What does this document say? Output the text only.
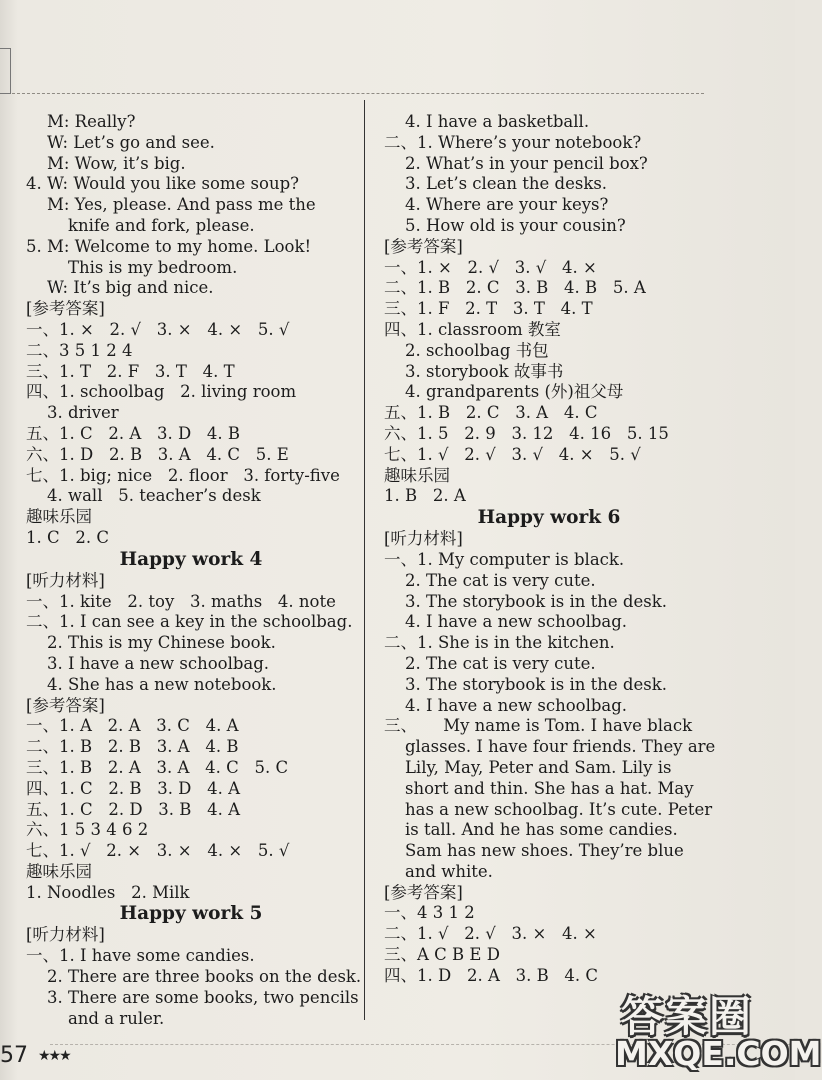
M: Really?
W: Let’s go and see.
M: Wow, it’s big.
4. W: Would you like some soup?
M: Yes, please. And pass me the
knife and fork, please.
5. M: Welcome to my home. Look!
This is my bedroom.
W: It’s big and nice.
[参考答案]
一、1. ×   2. √   3. ×   4. ×   5. √
二、3 5 1 2 4
三、1. T   2. F   3. T   4. T
四、1. schoolbag   2. living room
3. driver
五、1. C   2. A   3. D   4. B
六、1. D   2. B   3. A   4. C   5. E
七、1. big; nice   2. floor   3. forty-five
4. wall   5. teacher’s desk
趣味乐园
1. C   2. C
Happy work 4
[听力材料]
一、1. kite   2. toy   3. maths   4. note
二、1. I can see a key in the schoolbag.
2. This is my Chinese book.
3. I have a new schoolbag.
4. She has a new notebook.
[参考答案]
一、1. A   2. A   3. C   4. A
二、1. B   2. B   3. A   4. B
三、1. B   2. A   3. A   4. C   5. C
四、1. C   2. B   3. D   4. A
五、1. C   2. D   3. B   4. A
六、1 5 3 4 6 2
七、1. √   2. ×   3. ×   4. ×   5. √
趣味乐园
1. Noodles   2. Milk
Happy work 5
[听力材料]
一、1. I have some candies.
2. There are three books on the desk.
3. There are some books, two pencils
and a ruler.
4. I have a basketball.
二、1. Where’s your notebook?
2. What’s in your pencil box?
3. Let’s clean the desks.
4. Where are your keys?
5. How old is your cousin?
[参考答案]
一、1. ×   2. √   3. √   4. ×
二、1. B   2. C   3. B   4. B   5. A
三、1. F   2. T   3. T   4. T
四、1. classroom 教室
2. schoolbag 书包
3. storybook 故事书
4. grandparents (外)祖父母
五、1. B   2. C   3. A   4. C
六、1. 5   2. 9   3. 12   4. 16   5. 15
七、1. √   2. √   3. √   4. ×   5. √
趣味乐园
1. B   2. A
Happy work 6
[听力材料]
一、1. My computer is black.
2. The cat is very cute.
3. The storybook is in the desk.
4. I have a new schoolbag.
二、1. She is in the kitchen.
2. The cat is very cute.
3. The storybook is in the desk.
4. I have a new schoolbag.
三、     My name is Tom. I have black
glasses. I have four friends. They are
Lily, May, Peter and Sam. Lily is
short and thin. She has a hat. May
has a new schoolbag. It’s cute. Peter
is tall. And he has some candies.
Sam has new shoes. They’re blue
and white.
[参考答案]
一、4 3 1 2
二、1. √   2. √   3. ×   4. ×
三、A C B E D
四、1. D   2. A   3. B   4. C
57 ★★★
答案圈
MXQE.COM
